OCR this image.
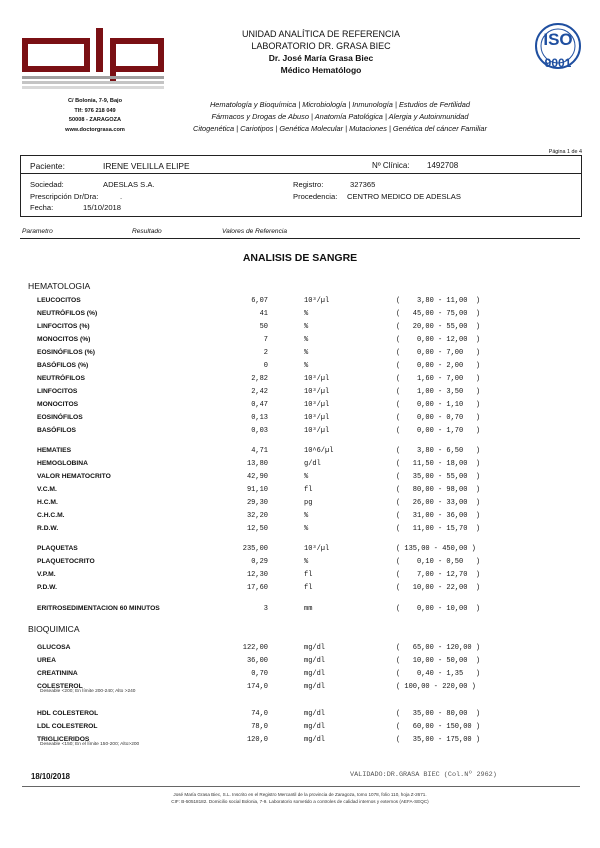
C/ Bolonia, 7-9, Bajo
Tlf: 976 218 049
50008 - ZARAGOZA
www.doctorgrasa.com
UNIDAD ANALÍTICA DE REFERENCIA
LABORATORIO DR. GRASA BIEC
Dr. José María Grasa Biec
Médico Hematólogo
ISO
9001
Hematología y Bioquímica | Microbiología | Inmunología | Estudios de Fertilidad
Fármacos y Drogas de Abuso | Anatomía Patológica | Alergia y Autoinmunidad
Citogenética | Cariotipos | Genética Molecular | Mutaciones | Genética del cáncer Familiar
Página 1 de 4
Paciente:	IRENE VELILLA ELIPE	Nº Clínica: 1492708
Sociedad:	ADESLAS S.A.	Registro:	327365
Prescripción Dr/Dra:	.	Procedencia: CENTRO MEDICO DE ADESLAS
Fecha:	15/10/2018
Parametro	Resultado	Valores de Referencia
ANALISIS DE SANGRE
HEMATOLOGIA
BIOQUIMICA
LEUCOCITOS	6,07	10³/µl	(    3,80 - 11,00  )
NEUTRÓFILOS (%)	41	%	(   45,00 - 75,00  )
LINFOCITOS (%)	50	%	(   20,00 - 55,00  )
MONOCITOS (%)	7	%	(    0,00 - 12,00  )
EOSINÓFILOS (%)	2	%	(    0,00 - 7,00   )
BASÓFILOS (%)	0	%	(    0,00 - 2,00   )
NEUTRÓFILOS	2,82	10³/µl	(    1,60 - 7,00   )
LINFOCITOS	2,42	10³/µl	(    1,00 - 3,50   )
MONOCITOS	0,47	10³/µl	(    0,00 - 1,10   )
EOSINÓFILOS	0,13	10³/µl	(    0,00 - 0,70   )
BASÓFILOS	0,03	10³/µl	(    0,00 - 1,70   )
HEMATIES	4,71	10^6/µl	(    3,80 - 6,50   )
HEMOGLOBINA	13,80	g/dl	(   11,50 - 18,00  )
VALOR HEMATOCRITO	42,90	%	(   35,00 - 55,00  )
V.C.M.	91,10	fl	(   80,00 - 98,00  )
H.C.M.	29,30	pg	(   26,00 - 33,00  )
C.H.C.M.	32,20	%	(   31,00 - 36,00  )
R.D.W.	12,50	%	(   11,00 - 15,70  )
PLAQUETAS	235,00	10³/µl	( 135,00 - 450,00 )
PLAQUETOCRITO	0,29	%	(    0,10 - 0,50   )
V.P.M.	12,30	fl	(    7,00 - 12,70  )
P.D.W.	17,60	fl	(   10,00 - 22,00  )
ERITROSEDIMENTACION 60 MINUTOS	3	mm	(    0,00 - 10,00  )
GLUCOSA	122,00	mg/dl	(   65,00 - 120,00 )
UREA	36,00	mg/dl	(   10,00 - 50,00  )
CREATININA	0,70	mg/dl	(    0,40 - 1,35   )
COLESTEROL	174,0	mg/dl	( 100,00 - 220,00 )
HDL COLESTEROL	74,0	mg/dl	(   35,00 - 80,00  )
LDL COLESTEROL	78,0	mg/dl	(   60,00 - 150,00 )
TRIGLICERIDOS	120,0	mg/dl	(   35,00 - 175,00 )
Deseable <200; En límite 200-240; Alto >240
Deseable <150; En el límite 150-200; Alto>200
18/10/2018	VALIDADO:DR.GRASA BIEC (Col.Nº 2962)
José María Grasa Biec, S.L. Inscrito en el Registro Mercantil de la provincia de Zaragoza, tomo 1078, folio 110, hoja Z-2671.
CIF: B-50518182. Domicilio social Bolonia, 7-9. Laboratorio sometido a controles de calidad internos y externos (AEFA-SEQC)
